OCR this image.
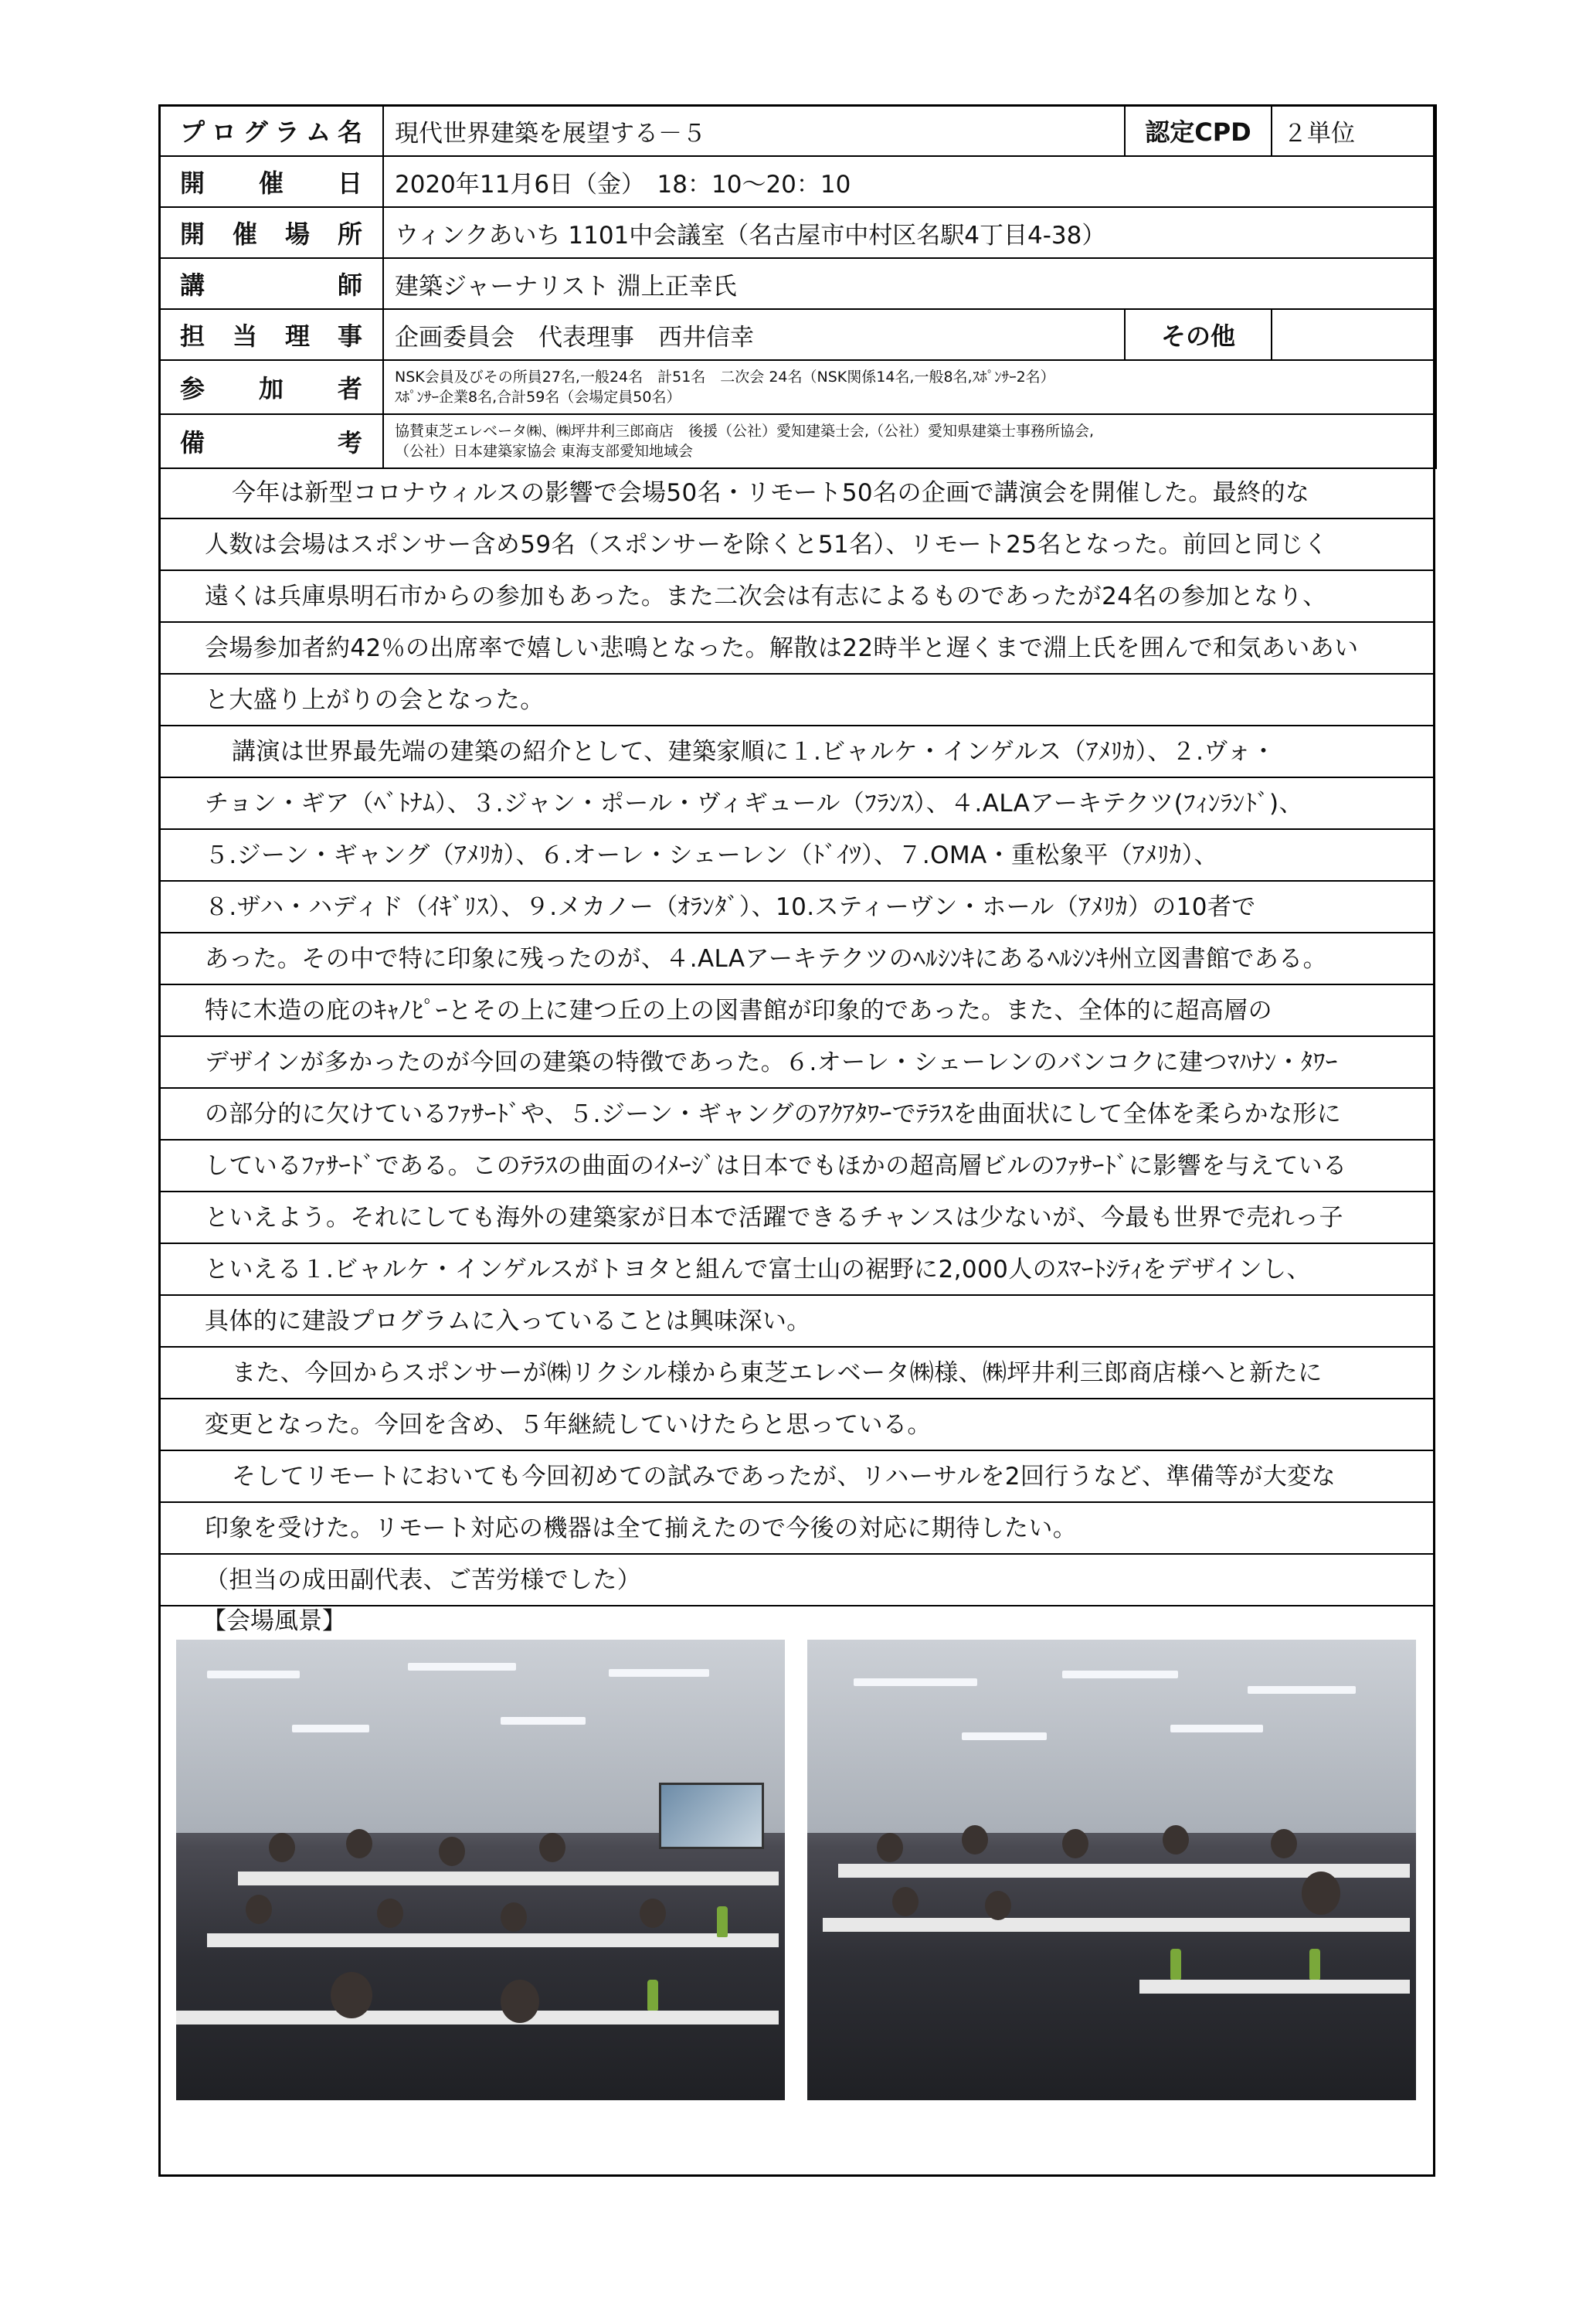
プログラム名	現代世界建築を展望する－５	認定CPD	２単位
開催日	2020年11月6日（金）　18：10～20：10		
開催場所	ウィンクあいち 1101中会議室（名古屋市中村区名駅4丁目4-38）		
講師	建築ジャーナリスト 淵上正幸氏		
担当理事	企画委員会　代表理事　西井信幸	その他	
参加者	NSK会員及びその所員27名,一般24名　計51名　二次会 24名（NSK関係14名,一般8名,ｽﾎﾟﾝｻｰ2名）
ｽﾎﾟﾝｻｰ企業8名,合計59名（会場定員50名）		

備考	協賛東芝エレベータ㈱、㈱坪井利三郎商店　後援（公社）愛知建築士会,（公社）愛知県建築士事務所協会,
（公社）日本建築家協会 東海支部愛知地域会		
今年は新型コロナウィルスの影響で会場50名・リモート50名の企画で講演会を開催した。最終的な
人数は会場はスポンサー含め59名（スポンサーを除くと51名）、リモート25名となった。前回と同じく
遠くは兵庫県明石市からの参加もあった。また二次会は有志によるものであったが24名の参加となり、
会場参加者約42％の出席率で嬉しい悲鳴となった。解散は22時半と遅くまで淵上氏を囲んで和気あいあい
と大盛り上がりの会となった。
講演は世界最先端の建築の紹介として、建築家順に１.ビャルケ・インゲルス（ｱﾒﾘｶ）、２.ヴォ・
チョン・ギア（ﾍﾞﾄﾅﾑ）、３.ジャン・ポール・ヴィギュール（ﾌﾗﾝｽ）、４.ALAアーキテクツ(ﾌｨﾝﾗﾝﾄﾞ)、
５.ジーン・ギャング（ｱﾒﾘｶ）、６.オーレ・シェーレン（ﾄﾞｲﾂ）、７.OMA・重松象平（ｱﾒﾘｶ）、
８.ザハ・ハディド（ｲｷﾞﾘｽ）、９.メカノー（ｵﾗﾝﾀﾞ）、10.スティーヴン・ホール（ｱﾒﾘｶ）の10者で
あった。その中で特に印象に残ったのが、４.ALAアーキテクツのﾍﾙｼﾝｷにあるﾍﾙｼﾝｷ州立図書館である。
特に木造の庇のｷｬﾉﾋﾟｰとその上に建つ丘の上の図書館が印象的であった。また、全体的に超高層の
デザインが多かったのが今回の建築の特徴であった。６.オーレ・シェーレンのバンコクに建つﾏﾊﾅﾝ・ﾀﾜｰ
の部分的に欠けているﾌｧｻｰﾄﾞや、５.ジーン・ギャングのｱｸｱﾀﾜｰでﾃﾗｽを曲面状にして全体を柔らかな形に
しているﾌｧｻｰﾄﾞである。このﾃﾗｽの曲面のｲﾒｰｼﾞは日本でもほかの超高層ビルのﾌｧｻｰﾄﾞに影響を与えている
といえよう。それにしても海外の建築家が日本で活躍できるチャンスは少ないが、今最も世界で売れっ子
といえる１.ビャルケ・インゲルスがトヨタと組んで富士山の裾野に2,000人のｽﾏｰﾄｼﾃｨをデザインし、
具体的に建設プログラムに入っていることは興味深い。
また、今回からスポンサーが㈱リクシル様から東芝エレベータ㈱様、㈱坪井利三郎商店様へと新たに
変更となった。今回を含め、５年継続していけたらと思っている。
そしてリモートにおいても今回初めての試みであったが、リハーサルを2回行うなど、準備等が大変な
印象を受けた。リモート対応の機器は全て揃えたので今後の対応に期待したい。
（担当の成田副代表、ご苦労様でした）
【会場風景】
